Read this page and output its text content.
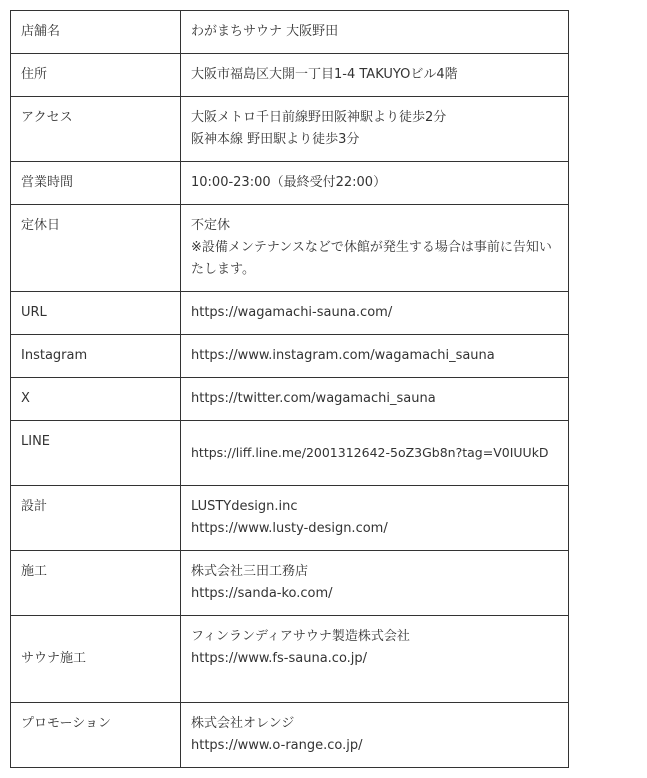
店舗名	わがまちサウナ 大阪野田

住所	大阪市福島区大開一丁目1-4 TAKUYOビル4階

アクセス	大阪メトロ千日前線野田阪神駅より徒歩2分
阪神本線 野田駅より徒歩3分

営業時間	10:00-23:00（最終受付22:00）

定休日	不定休
※設備メンテナンスなどで休館が発生する場合は事前に告知いたします。

URL	https://wagamachi-sauna.com/

Instagram	https://www.instagram.com/wagamachi_sauna

X	https://twitter.com/wagamachi_sauna

LINE	https://liff.line.me/2001312642-5oZ3Gb8n?tag=V0IUUkD

設計	LUSTYdesign.inc
https://www.lusty-design.com/

施工	株式会社三田工務店
https://sanda-ko.com/

サウナ施工	フィンランディアサウナ製造株式会社
https://www.fs-sauna.co.jp/

プロモーション	株式会社オレンジ
https://www.o-range.co.jp/
